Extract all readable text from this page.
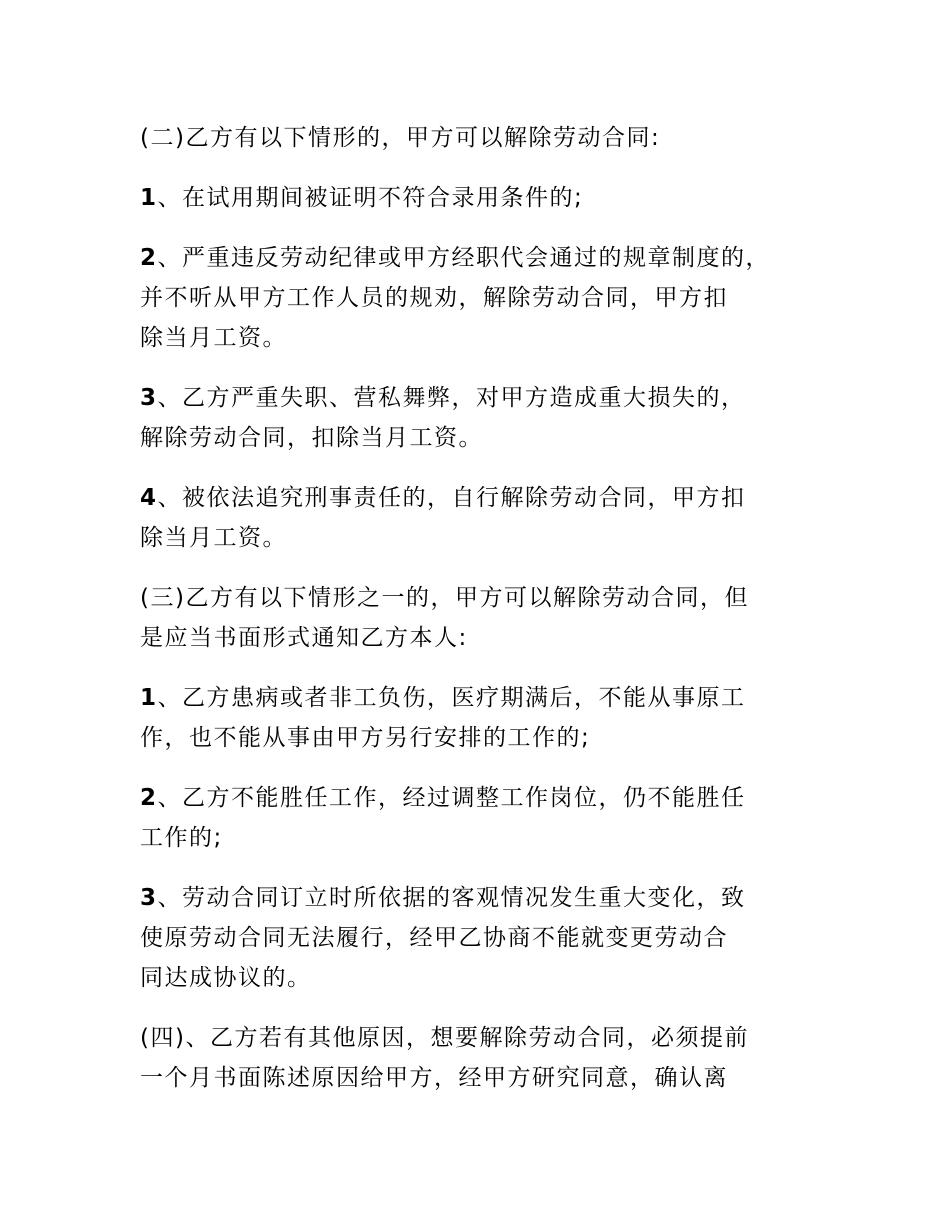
(二)乙方有以下情形的，甲方可以解除劳动合同:

1、在试用期间被证明不符合录用条件的;

2、严重违反劳动纪律或甲方经职代会通过的规章制度的，
并不听从甲方工作人员的规劝，解除劳动合同，甲方扣
除当月工资。

3、乙方严重失职、营私舞弊，对甲方造成重大损失的，
解除劳动合同，扣除当月工资。

4、被依法追究刑事责任的，自行解除劳动合同，甲方扣
除当月工资。

(三)乙方有以下情形之一的，甲方可以解除劳动合同，但
是应当书面形式通知乙方本人:

1、乙方患病或者非工负伤，医疗期满后，不能从事原工
作，也不能从事由甲方另行安排的工作的;

2、乙方不能胜任工作，经过调整工作岗位，仍不能胜任
工作的;

3、劳动合同订立时所依据的客观情况发生重大变化，致
使原劳动合同无法履行，经甲乙协商不能就变更劳动合
同达成协议的。

(四)、乙方若有其他原因，想要解除劳动合同，必须提前
一个月书面陈述原因给甲方，经甲方研究同意，确认离
